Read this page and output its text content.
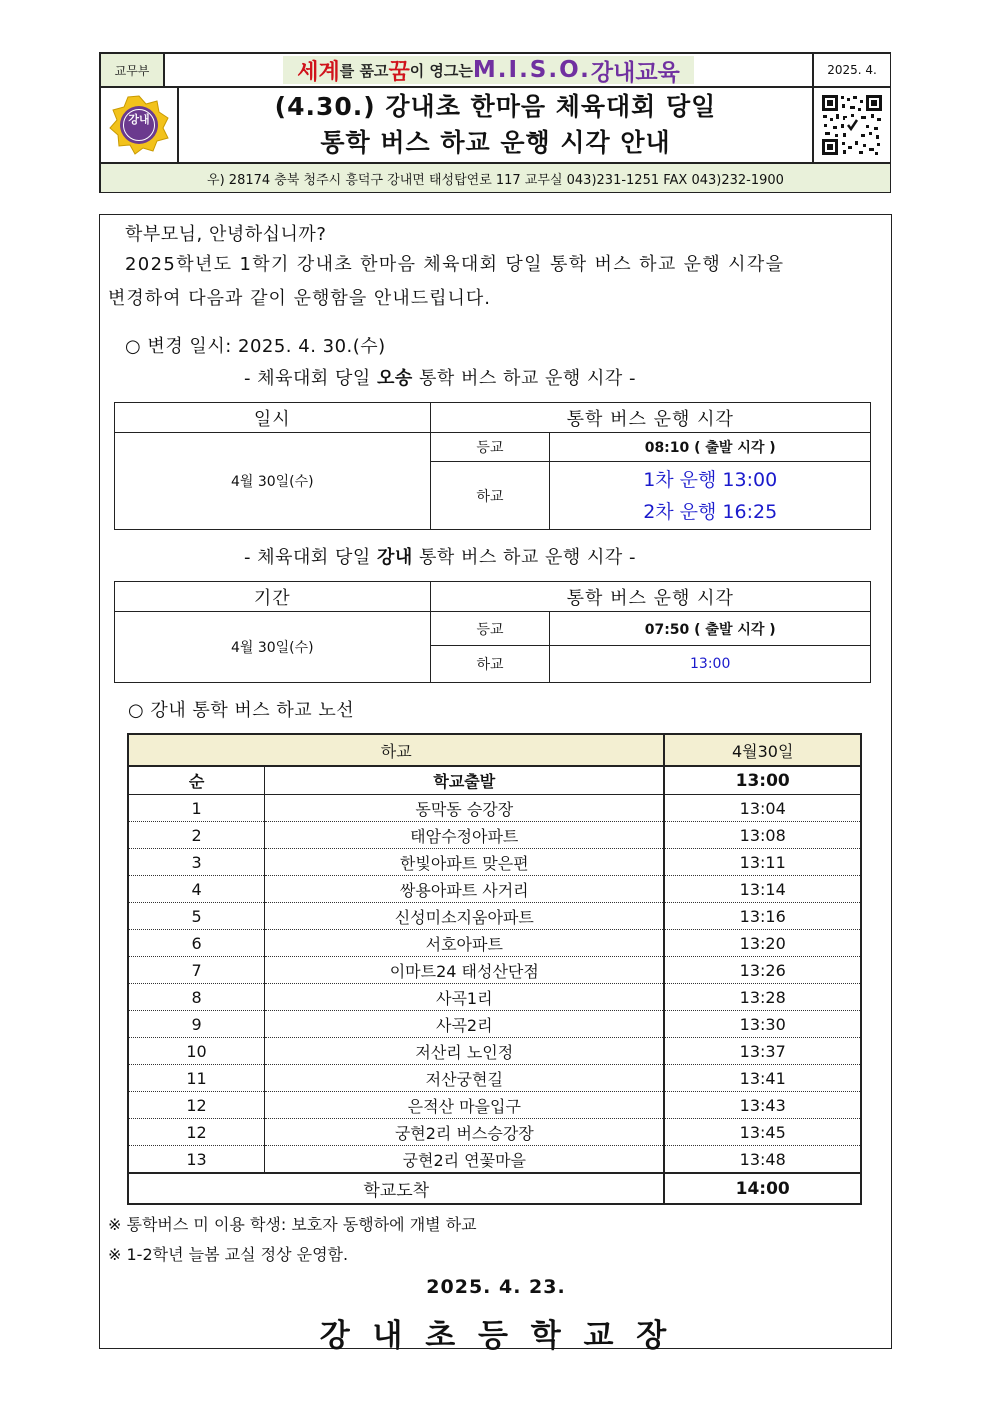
교무부	세계 를 품고 꿈 이 영그는 M.I.S.O. 강내교육	2025. 4.
강내	(4.30.) 강내초 한마음 체육대회 당일
통학 버스 하교 운행 시각 안내
우) 28174 충북 청주시 흥덕구 강내면 태성탑연로 117 교무실 043)231-1251 FAX 043)232-1900
학부모님, 안녕하십니까?
2025학년도 1학기 강내초 한마음 체육대회 당일 통학 버스 하교 운행 시각을
변경하여 다음과 같이 운행함을 안내드립니다.
○ 변경 일시: 2025. 4. 30.(수)
- 체육대회 당일 오송 통학 버스 하교 운행 시각 -
일시	통학 버스 운행 시각	
4월 30일(수)	등교	08:10 ( 출발 시각 )
	하교	1차 운행 13:00
2차 운행 16:25
- 체육대회 당일 강내 통학 버스 하교 운행 시각 -
기간	통학 버스 운행 시각	
4월 30일(수)	등교	07:50 ( 출발 시각 )
	하교	13:00
○ 강내 통학 버스 하교 노선
하교		4월30일
순	학교출발	13:00
1	동막동 승강장	13:04
2	태암수정아파트	13:08
3	한빛아파트 맞은편	13:11
4	쌍용아파트 사거리	13:14
5	신성미소지움아파트	13:16
6	서호아파트	13:20
7	이마트24 태성산단점	13:26
8	사곡1리	13:28
9	사곡2리	13:30
10	저산리 노인정	13:37
11	저산궁현길	13:41
12	은적산 마을입구	13:43
12	궁현2리 버스승강장	13:45
13	궁현2리 연꽃마을	13:48
학교도착		14:00
※ 통학버스 미 이용 학생: 보호자 동행하에 개별 하교
※ 1-2학년 늘봄 교실 정상 운영함.
2025. 4. 23.
강 내 초 등 학 교 장
